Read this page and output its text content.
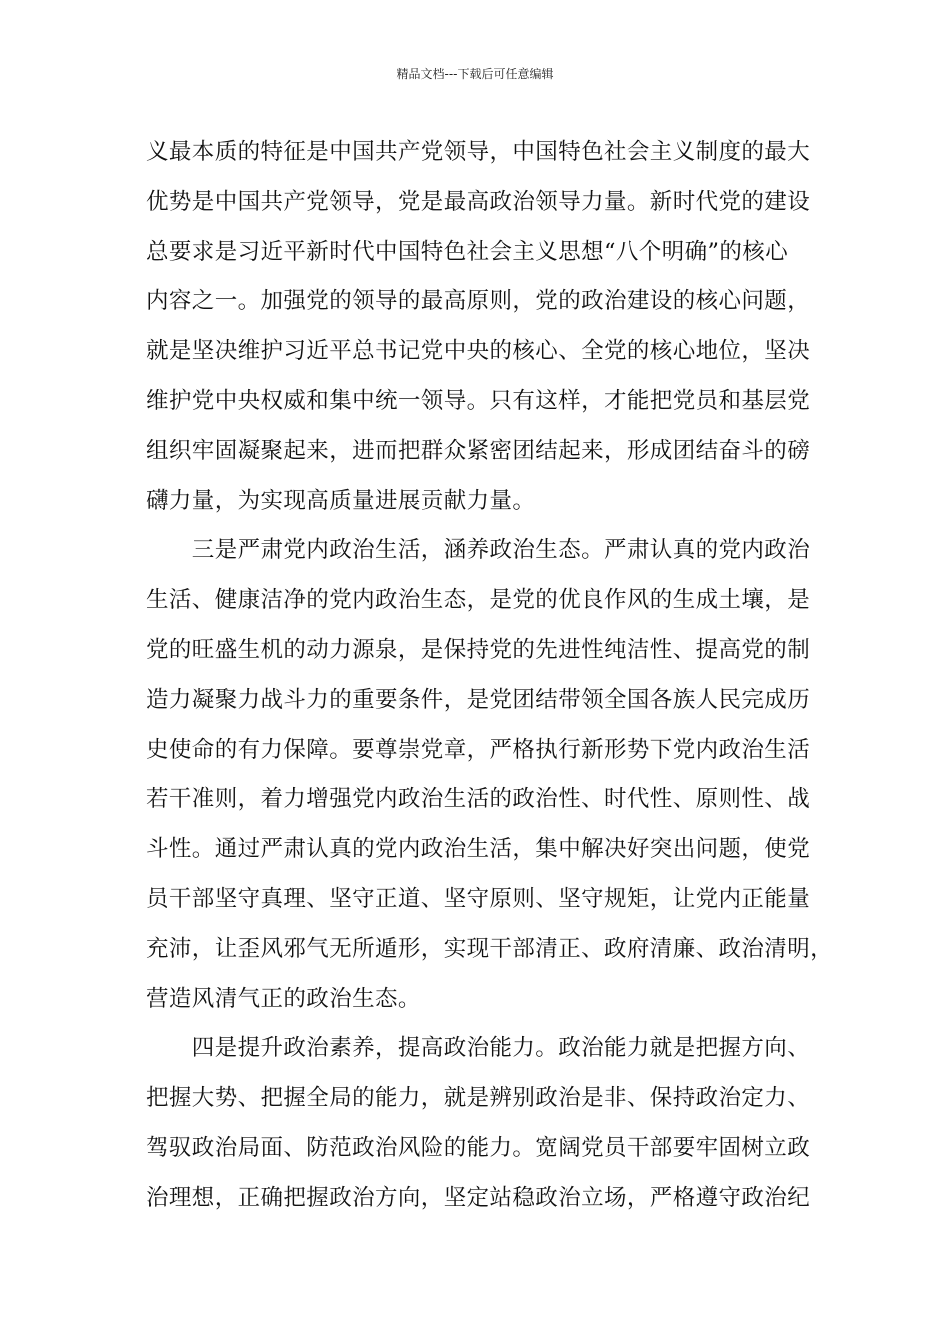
精品文档---下载后可任意编辑
义最本质的特征是中国共产党领导，中国特色社会主义制度的最大
优势是中国共产党领导，党是最高政治领导力量。新时代党的建设
总要求是习近平新时代中国特色社会主义思想“八个明确”的核心
内容之一。加强党的领导的最高原则，党的政治建设的核心问题，
就是坚决维护习近平总书记党中央的核心、全党的核心地位，坚决
维护党中央权威和集中统一领导。只有这样，才能把党员和基层党
组织牢固凝聚起来，进而把群众紧密团结起来，形成团结奋斗的磅
礴力量，为实现高质量进展贡献力量。
　　三是严肃党内政治生活，涵养政治生态。严肃认真的党内政治
生活、健康洁净的党内政治生态，是党的优良作风的生成土壤，是
党的旺盛生机的动力源泉，是保持党的先进性纯洁性、提高党的制
造力凝聚力战斗力的重要条件，是党团结带领全国各族人民完成历
史使命的有力保障。要尊崇党章，严格执行新形势下党内政治生活
若干准则，着力增强党内政治生活的政治性、时代性、原则性、战
斗性。通过严肃认真的党内政治生活，集中解决好突出问题，使党
员干部坚守真理、坚守正道、坚守原则、坚守规矩，让党内正能量
充沛，让歪风邪气无所遁形，实现干部清正、政府清廉、政治清明，
营造风清气正的政治生态。
　　四是提升政治素养，提高政治能力。政治能力就是把握方向、
把握大势、把握全局的能力，就是辨别政治是非、保持政治定力、
驾驭政治局面、防范政治风险的能力。宽阔党员干部要牢固树立政
治理想，正确把握政治方向，坚定站稳政治立场，严格遵守政治纪
